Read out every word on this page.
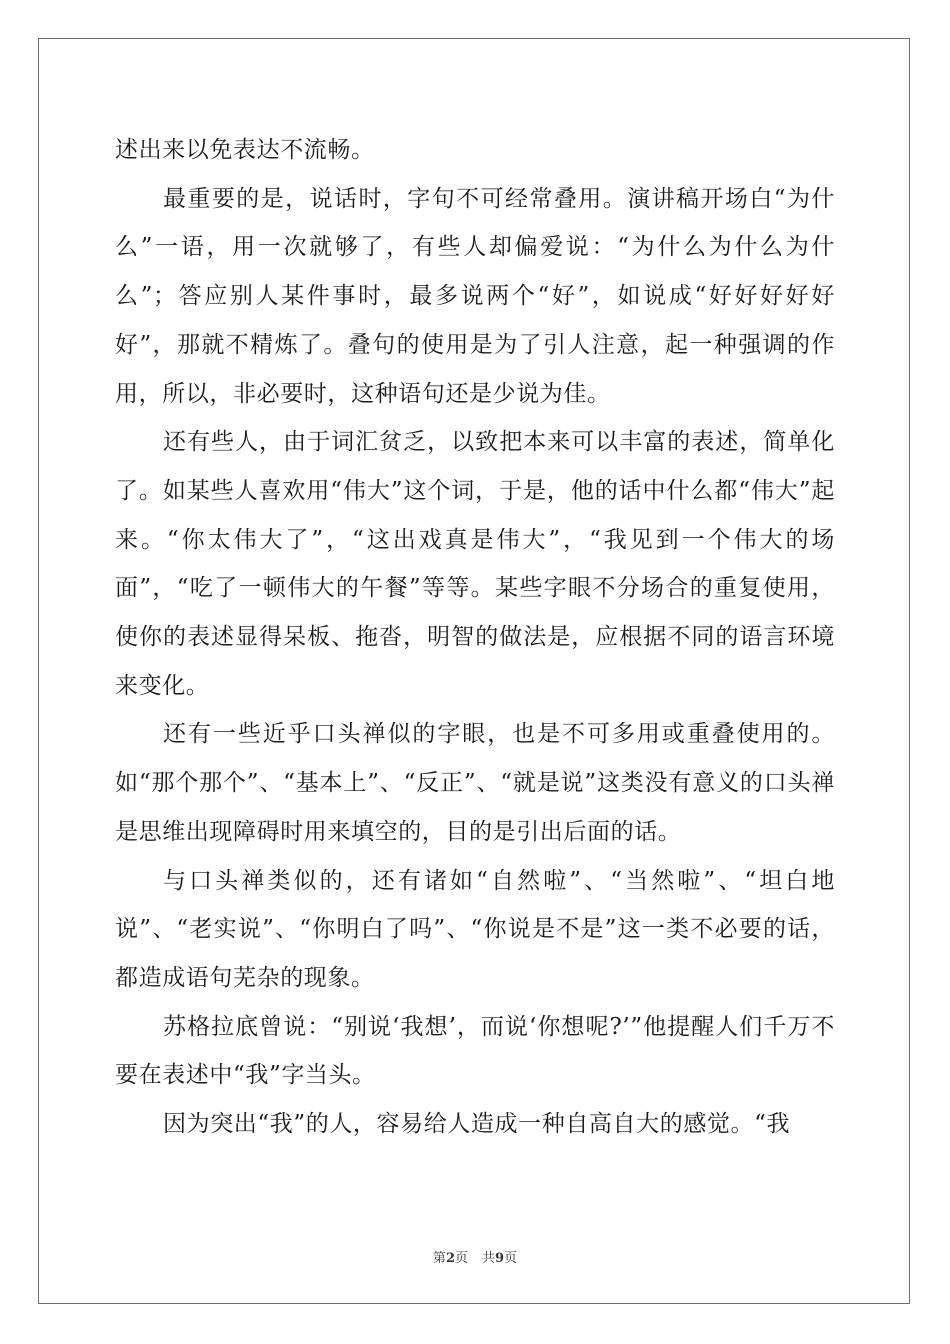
述出来以免表达不流畅。

最重要的是，说话时，字句不可经常叠用。演讲稿开场白“为什么”一语，用一次就够了，有些人却偏爱说：“为什么为什么为什么”；答应别人某件事时，最多说两个“好”，如说成“好好好好好好”，那就不精炼了。叠句的使用是为了引人注意，起一种强调的作用，所以，非必要时，这种语句还是少说为佳。

还有些人，由于词汇贫乏，以致把本来可以丰富的表述，简单化了。如某些人喜欢用“伟大”这个词，于是，他的话中什么都“伟大”起来。“你太伟大了”，“这出戏真是伟大”，“我见到一个伟大的场面”，“吃了一顿伟大的午餐”等等。某些字眼不分场合的重复使用，使你的表述显得呆板、拖沓，明智的做法是，应根据不同的语言环境来变化。

还有一些近乎口头禅似的字眼，也是不可多用或重叠使用的。如“那个那个”、“基本上”、“反正”、“就是说”这类没有意义的口头禅是思维出现障碍时用来填空的，目的是引出后面的话。

与口头禅类似的，还有诸如“自然啦”、“当然啦”、“坦白地说”、“老实说”、“你明白了吗”、“你说是不是”这一类不必要的话，都造成语句芜杂的现象。

苏格拉底曾说：“别说‘我想’，而说‘你想呢?’”他提醒人们千万不要在表述中“我”字当头。

因为突出“我”的人，容易给人造成一种自高自大的感觉。“我

第2页 共9页
